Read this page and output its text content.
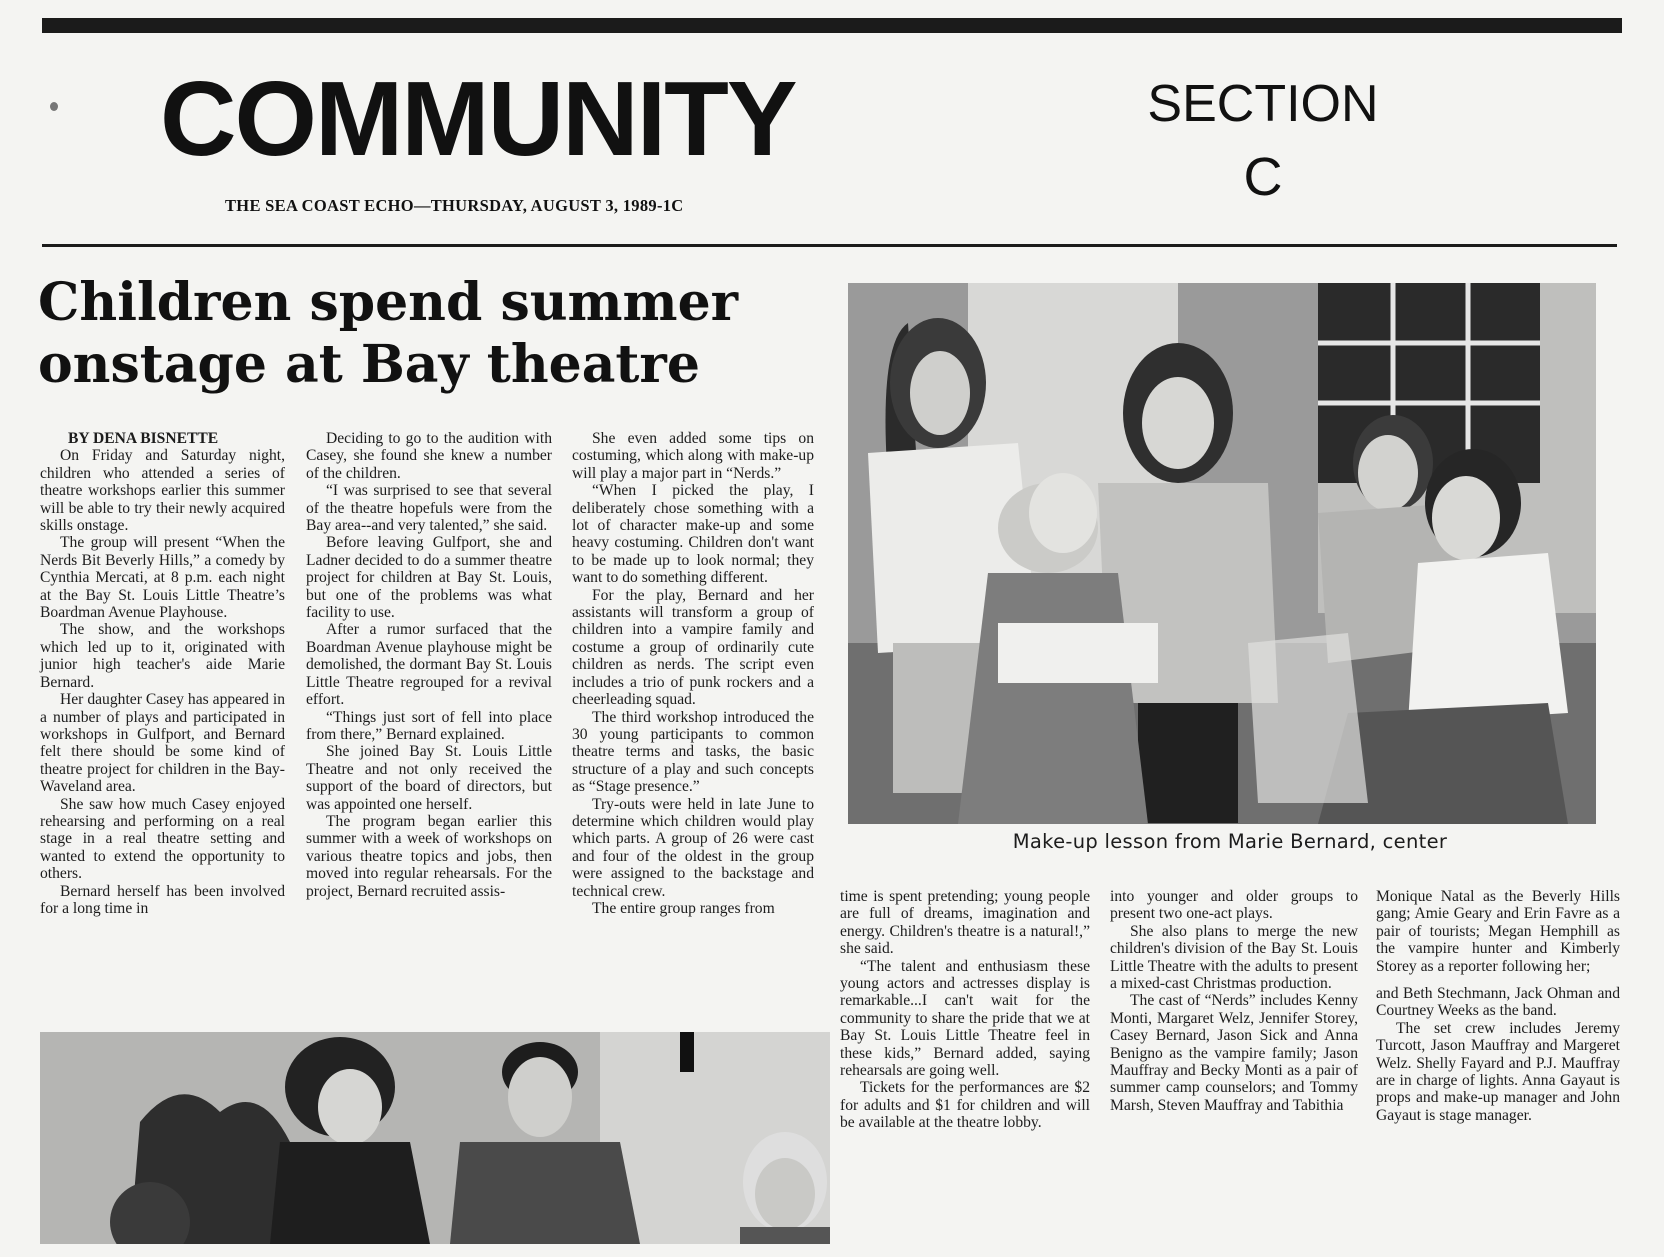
COMMUNITY	SECTION
C
THE SEA COAST ECHO—THURSDAY, AUGUST 3, 1989-1C
Children spend summer onstage at Bay theatre

BY DENA BISNETTE

On Friday and Saturday night, children who attended a series of theatre workshops earlier this summer will be able to try their newly acquired skills onstage.

The group will present “When the Nerds Bit Beverly Hills,” a comedy by Cynthia Mercati, at 8 p.m. each night at the Bay St. Louis Little Theatre’s Boardman Avenue Playhouse.

The show, and the workshops which led up to it, originated with junior high teacher's aide Marie Bernard.

Her daughter Casey has appeared in a number of plays and participated in workshops in Gulfport, and Bernard felt there should be some kind of theatre project for children in the Bay-Waveland area.

She saw how much Casey enjoyed rehearsing and performing on a real stage in a real theatre setting and wanted to extend the opportunity to others.

Bernard herself has been involved for a long time in

Deciding to go to the audition with Casey, she found she knew a number of the children.

“I was surprised to see that several of the theatre hopefuls were from the Bay area--and very talented,” she said.

Before leaving Gulfport, she and Ladner decided to do a summer theatre project for children at Bay St. Louis, but one of the problems was what facility to use.

After a rumor surfaced that the Boardman Avenue playhouse might be demolished, the dormant Bay St. Louis Little Theatre regrouped for a revival effort.

“Things just sort of fell into place from there,” Bernard explained.

She joined Bay St. Louis Little Theatre and not only received the support of the board of directors, but was appointed one herself.

The program began earlier this summer with a week of workshops on various theatre topics and jobs, then moved into regular rehearsals. For the project, Bernard recruited assis-

She even added some tips on costuming, which along with make-up will play a major part in “Nerds.”

“When I picked the play, I deliberately chose something with a lot of character make-up and some heavy costuming. Children don't want to be made up to look normal; they want to do something different.

For the play, Bernard and her assistants will transform a group of children into a vampire family and costume a group of ordinarily cute children as nerds. The script even includes a trio of punk rockers and a cheerleading squad.

The third workshop introduced the 30 young participants to common theatre terms and tasks, the basic structure of a play and such concepts as “Stage presence.”

Try-outs were held in late June to determine which children would play which parts. A group of 26 were cast and four of the oldest in the group were assigned to the backstage and technical crew.

The entire group ranges from

Make-up lesson from Marie Bernard, center

time is spent pretending; young people are full of dreams, imagination and energy. Children's theatre is a natural!,” she said.

“The talent and enthusiasm these young actors and actresses display is remarkable...I can't wait for the community to share the pride that we at Bay St. Louis Little Theatre feel in these kids,” Bernard added, saying rehearsals are going well.

Tickets for the performances are $2 for adults and $1 for children and will be available at the theatre lobby.

into younger and older groups to present two one-act plays.

She also plans to merge the new children's division of the Bay St. Louis Little Theatre with the adults to present a mixed-cast Christmas production.

The cast of “Nerds” includes Kenny Monti, Margaret Welz, Jennifer Storey, Casey Bernard, Jason Sick and Anna Benigno as the vampire family; Jason Mauffray and Becky Monti as a pair of summer camp counselors; and Tommy Marsh, Steven Mauffray and Tabithia

Monique Natal as the Beverly Hills gang; Amie Geary and Erin Favre as a pair of tourists; Megan Hemphill as the vampire hunter and Kimberly Storey as a reporter following her;

and Beth Stechmann, Jack Ohman and Courtney Weeks as the band.

The set crew includes Jeremy Turcott, Jason Mauffray and Margeret Welz. Shelly Fayard and P.J. Mauffray are in charge of lights. Anna Gayaut is props and make-up manager and John Gayaut is stage manager.
